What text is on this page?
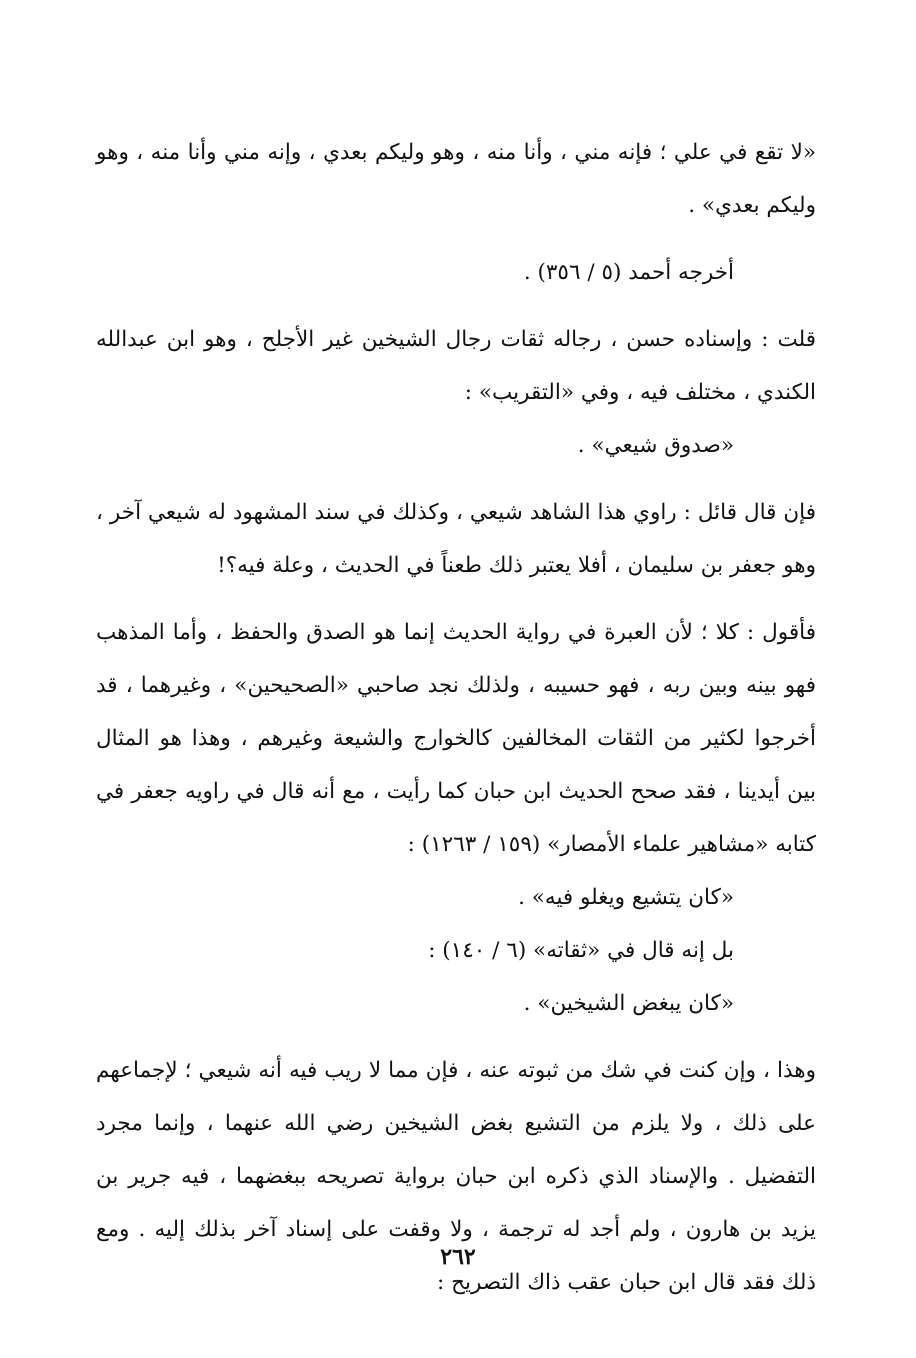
«لا تقع في علي ؛ فإنه مني ، وأنا منه ، وهو وليكم بعدي ، وإنه مني وأنا منه ، وهو وليكم بعدي» .

أخرجه أحمد (٥ / ٣٥٦) .

قلت : وإسناده حسن ، رجاله ثقات رجال الشيخين غير الأجلح ، وهو ابن عبدالله الكندي ، مختلف فيه ، وفي «التقريب» :

«صدوق شيعي» .

فإن قال قائل : راوي هذا الشاهد شيعي ، وكذلك في سند المشهود له شيعي آخر ، وهو جعفر بن سليمان ، أفلا يعتبر ذلك طعناً في الحديث ، وعلة فيه؟!

فأقول : كلا ؛ لأن العبرة في رواية الحديث إنما هو الصدق والحفظ ، وأما المذهب فهو بينه وبين ربه ، فهو حسيبه ، ولذلك نجد صاحبي «الصحيحين» ، وغيرهما ، قد أخرجوا لكثير من الثقات المخالفين كالخوارج والشيعة وغيرهم ، وهذا هو المثال بين أيدينا ، فقد صحح الحديث ابن حبان كما رأيت ، مع أنه قال في راويه جعفر في كتابه «مشاهير علماء الأمصار» (١٥٩ / ١٢٦٣) :

«كان يتشيع ويغلو فيه» .

بل إنه قال في «ثقاته» (٦ / ١٤٠) :

«كان يبغض الشيخين» .

وهذا ، وإن كنت في شك من ثبوته عنه ، فإن مما لا ريب فيه أنه شيعي ؛ لإجماعهم على ذلك ، ولا يلزم من التشيع بغض الشيخين رضي الله عنهما ، وإنما مجرد التفضيل . والإسناد الذي ذكره ابن حبان برواية تصريحه ببغضهما ، فيه جرير بن يزيد بن هارون ، ولم أجد له ترجمة ، ولا وقفت على إسناد آخر بذلك إليه . ومع ذلك فقد قال ابن حبان عقب ذاك التصريح :

٢٦٢
